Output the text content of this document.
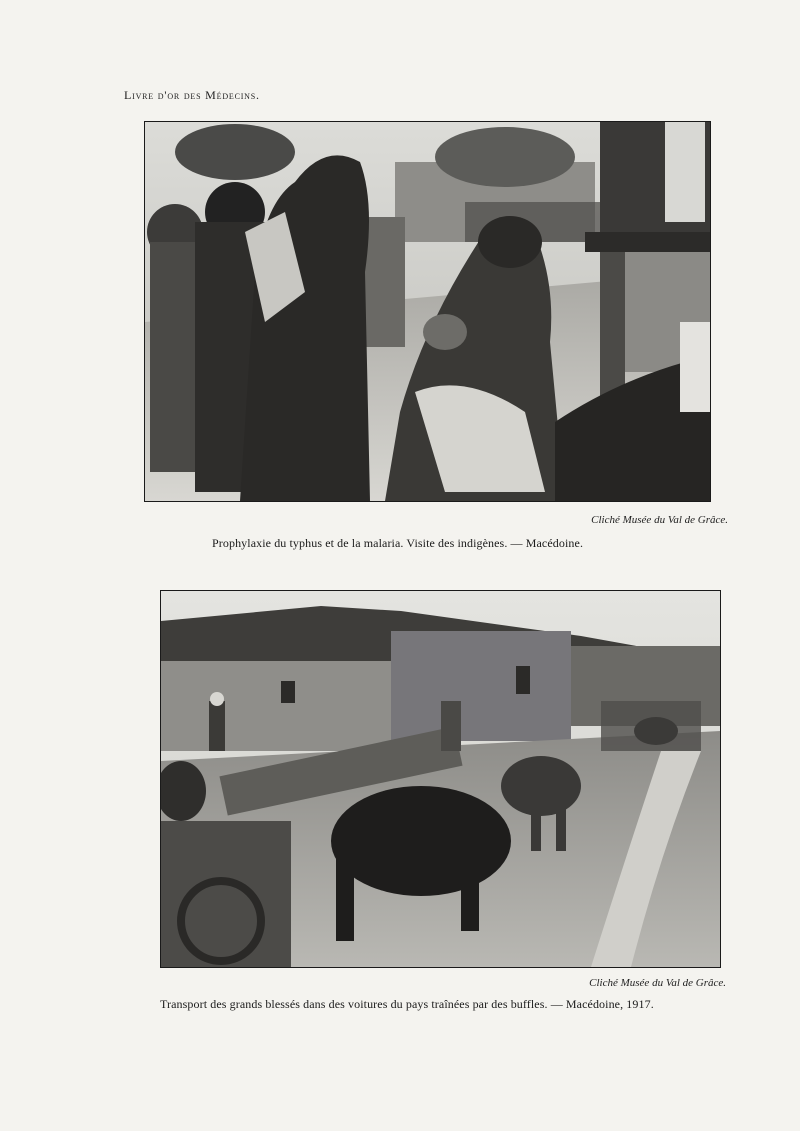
Livre d'or des Médecins.
Cliché Musée du Val de Grâce.
Prophylaxie du typhus et de la malaria. Visite des indigènes. — Macédoine.
Cliché Musée du Val de Grâce.
Transport des grands blessés dans des voitures du pays traînées par des buffles. — Macédoine, 1917.
